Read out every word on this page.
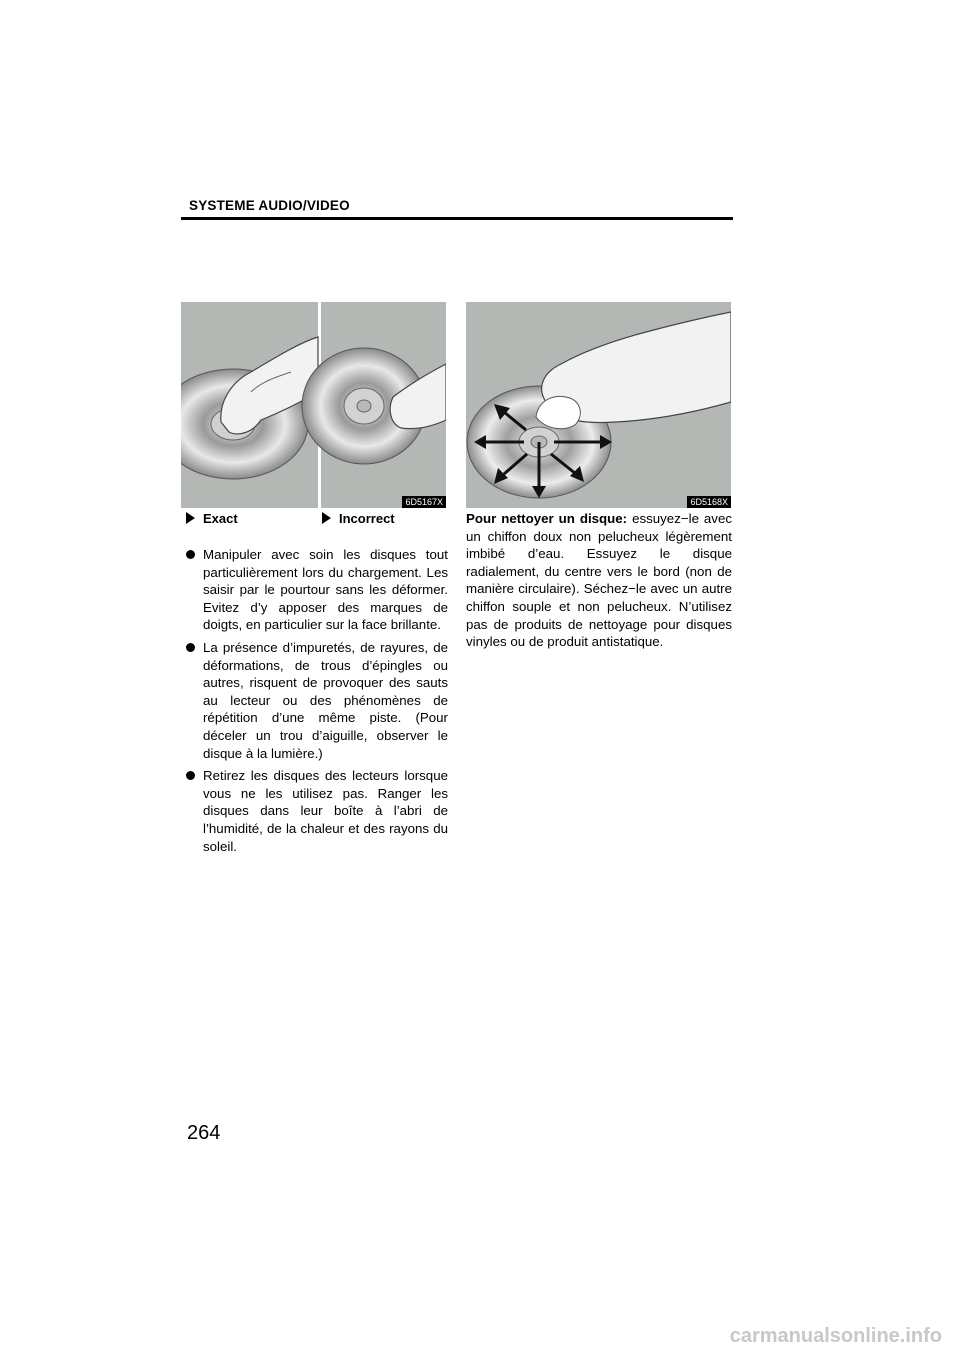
SYSTEME AUDIO/VIDEO
6D5167X
Exact	Incorrect
6D5168X
Manipuler avec soin les disques tout particulièrement lors du chargement. Les saisir par le pourtour sans les déformer. Evitez d’y apposer des marques de doigts, en particulier sur la face brillante.
La présence d’impuretés, de rayures, de déformations, de trous d’épingles ou autres, risquent de provoquer des sauts au lecteur ou des phénomènes de répétition d’une même piste. (Pour déceler un trou d’aiguille, observer le disque à la lumière.)
Retirez les disques des lecteurs lorsque vous ne les utilisez pas. Ranger les disques dans leur boîte à l’abri de l’humidité, de la chaleur et des rayons du soleil.
Pour nettoyer un disque: essuyez−le avec un chiffon doux non pelucheux légèrement imbibé d’eau. Essuyez le disque radialement, du centre vers le bord (non de manière circulaire). Séchez−le avec un autre chiffon souple et non pelucheux. N’utilisez pas de produits de nettoyage pour disques vinyles ou de produit antistatique.
264
carmanualsonline.info
